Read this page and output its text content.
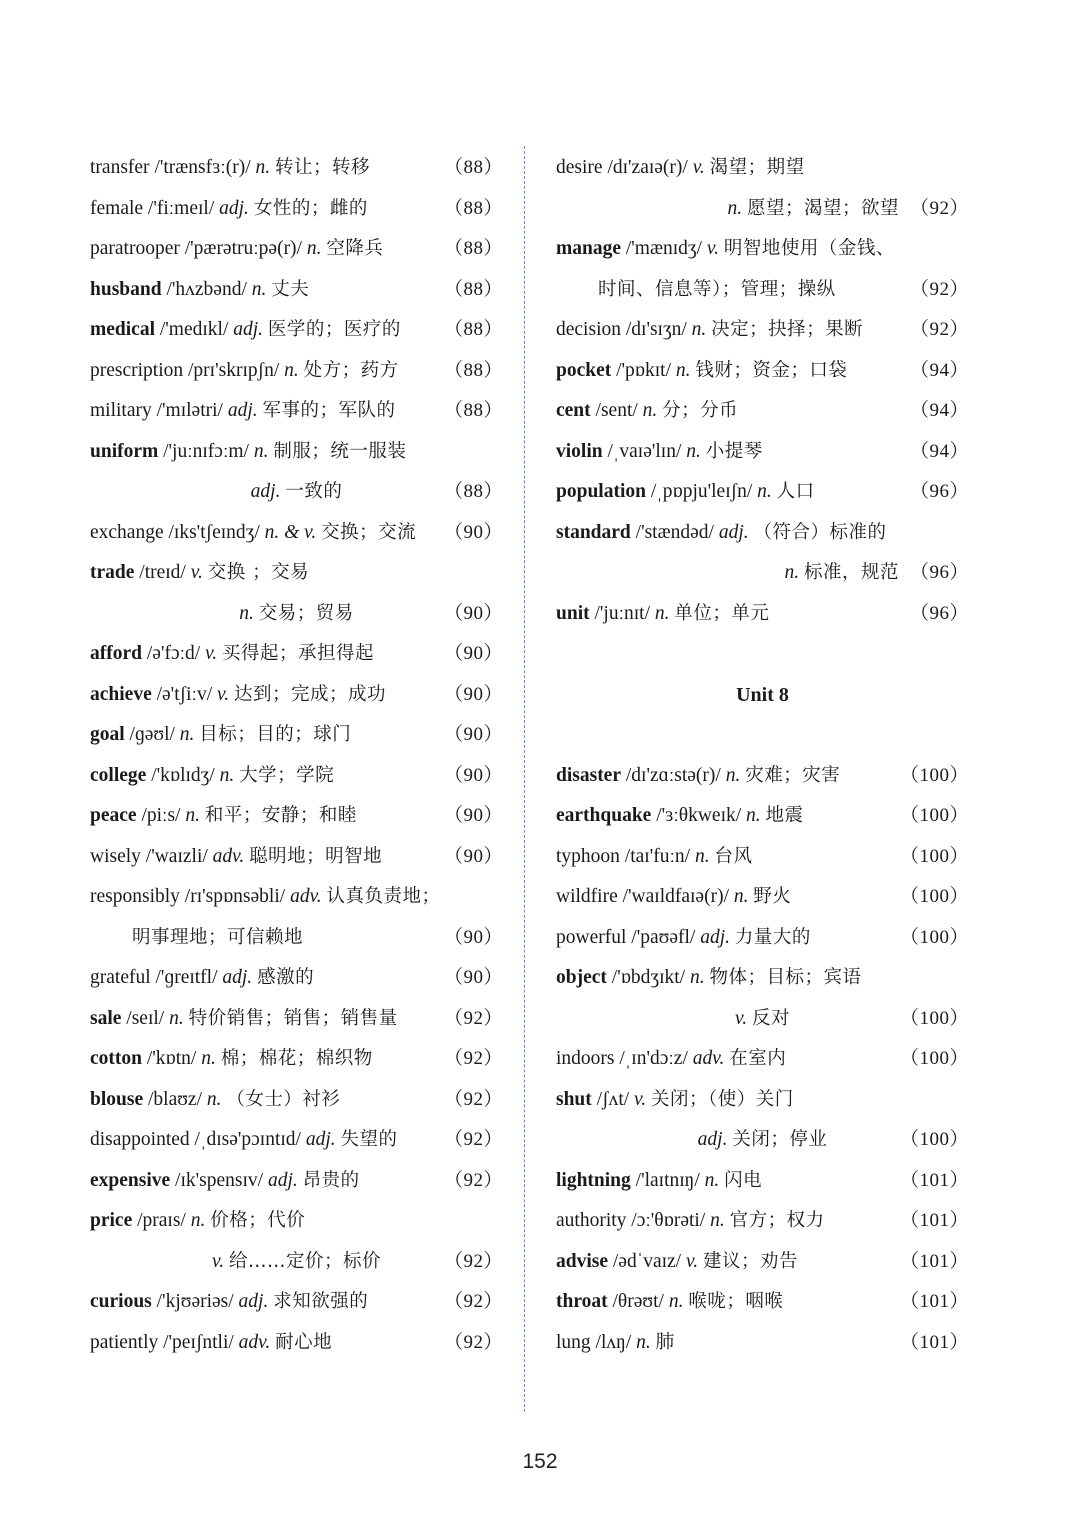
transfer /'trænsfɜː(r)/ n. 转让；转移	（88）
female /'fiːmeɪl/ adj. 女性的；雌的	（88）
paratrooper /'pærətruːpə(r)/ n. 空降兵	（88）
husband /'hʌzbənd/ n. 丈夫	（88）
medical /'medɪkl/ adj. 医学的；医疗的 （88）
prescription /prɪ'skrɪpʃn/ n. 处方；药方 （88）
military /'mɪlətri/ adj. 军事的；军队的	（88）
uniform /'juːnɪfɔːm/ n. 制服；统一服装
adj. 一致的	（88）
exchange /ɪks'tʃeɪndʒ/ n. & v. 交换；交流 （90）
trade /treɪd/ v. 交换 ；交易
n. 交易；贸易	（90）
afford /ə'fɔːd/ v. 买得起；承担得起	（90）
achieve /ə'tʃiːv/ v. 达到；完成；成功	（90）
goal /ɡəʊl/ n. 目标；目的；球门	（90）
college /'kɒlɪdʒ/ n. 大学；学院	（90）
peace /piːs/ n. 和平；安静；和睦	（90）
wisely /'waɪzli/ adv. 聪明地；明智地	（90）
responsibly /rɪ'spɒnsəbli/ adv. 认真负责地；
明事理地；可信赖地	（90）
grateful /'ɡreɪtfl/ adj. 感激的	（90）
sale /seɪl/ n. 特价销售；销售；销售量 （92）
cotton /'kɒtn/ n. 棉；棉花；棉织物	（92）
blouse /blaʊz/ n. （女士）衬衫	（92）
disappointed /ˌdɪsə'pɔɪntɪd/ adj. 失望的 （92）
expensive /ɪk'spensɪv/ adj. 昂贵的	（92）
price /praɪs/ n. 价格；代价
v. 给……定价；标价	（92）
curious /'kjʊəriəs/ adj. 求知欲强的	（92）
patiently /'peɪʃntli/ adv. 耐心地	（92）
desire /dɪ'zaɪə(r)/ v. 渴望；期望
n. 愿望；渴望；欲望 （92）
manage /'mænɪdʒ/ v. 明智地使用（金钱、
时间、信息等）；管理；操纵	（92）
decision /dɪ'sɪʒn/ n. 决定；抉择；果断 （92）
pocket /'pɒkɪt/ n. 钱财；资金；口袋	（94）
cent /sent/ n. 分；分币	（94）
violin /ˌvaɪə'lɪn/ n. 小提琴	（94）
population /ˌpɒpju'leɪʃn/ n. 人口	（96）
standard /'stændəd/ adj. （符合）标准的
n. 标准，规范 （96）
unit /'juːnɪt/ n. 单位；单元	（96）
Unit 8
disaster /dɪ'zɑːstə(r)/ n. 灾难；灾害	（100）
earthquake /'ɜːθkweɪk/ n. 地震	（100）
typhoon /taɪ'fuːn/ n. 台风	（100）
wildfire /'waɪldfaɪə(r)/ n. 野火	（100）
powerful /'paʊəfl/ adj. 力量大的	（100）
object /'ɒbdʒɪkt/ n. 物体；目标；宾语
v. 反对	（100）
indoors /ˌɪn'dɔːz/ adv. 在室内	（100）
shut /ʃʌt/ v. 关闭；（使）关门
adj. 关闭；停业	（100）
lightning /'laɪtnɪŋ/ n. 闪电	（101）
authority /ɔː'θɒrəti/ n. 官方；权力	（101）
advise /ədˈvaɪz/ v. 建议；劝告	（101）
throat /θrəʊt/ n. 喉咙；咽喉	（101）
lung /lʌŋ/ n. 肺	（101）
152
